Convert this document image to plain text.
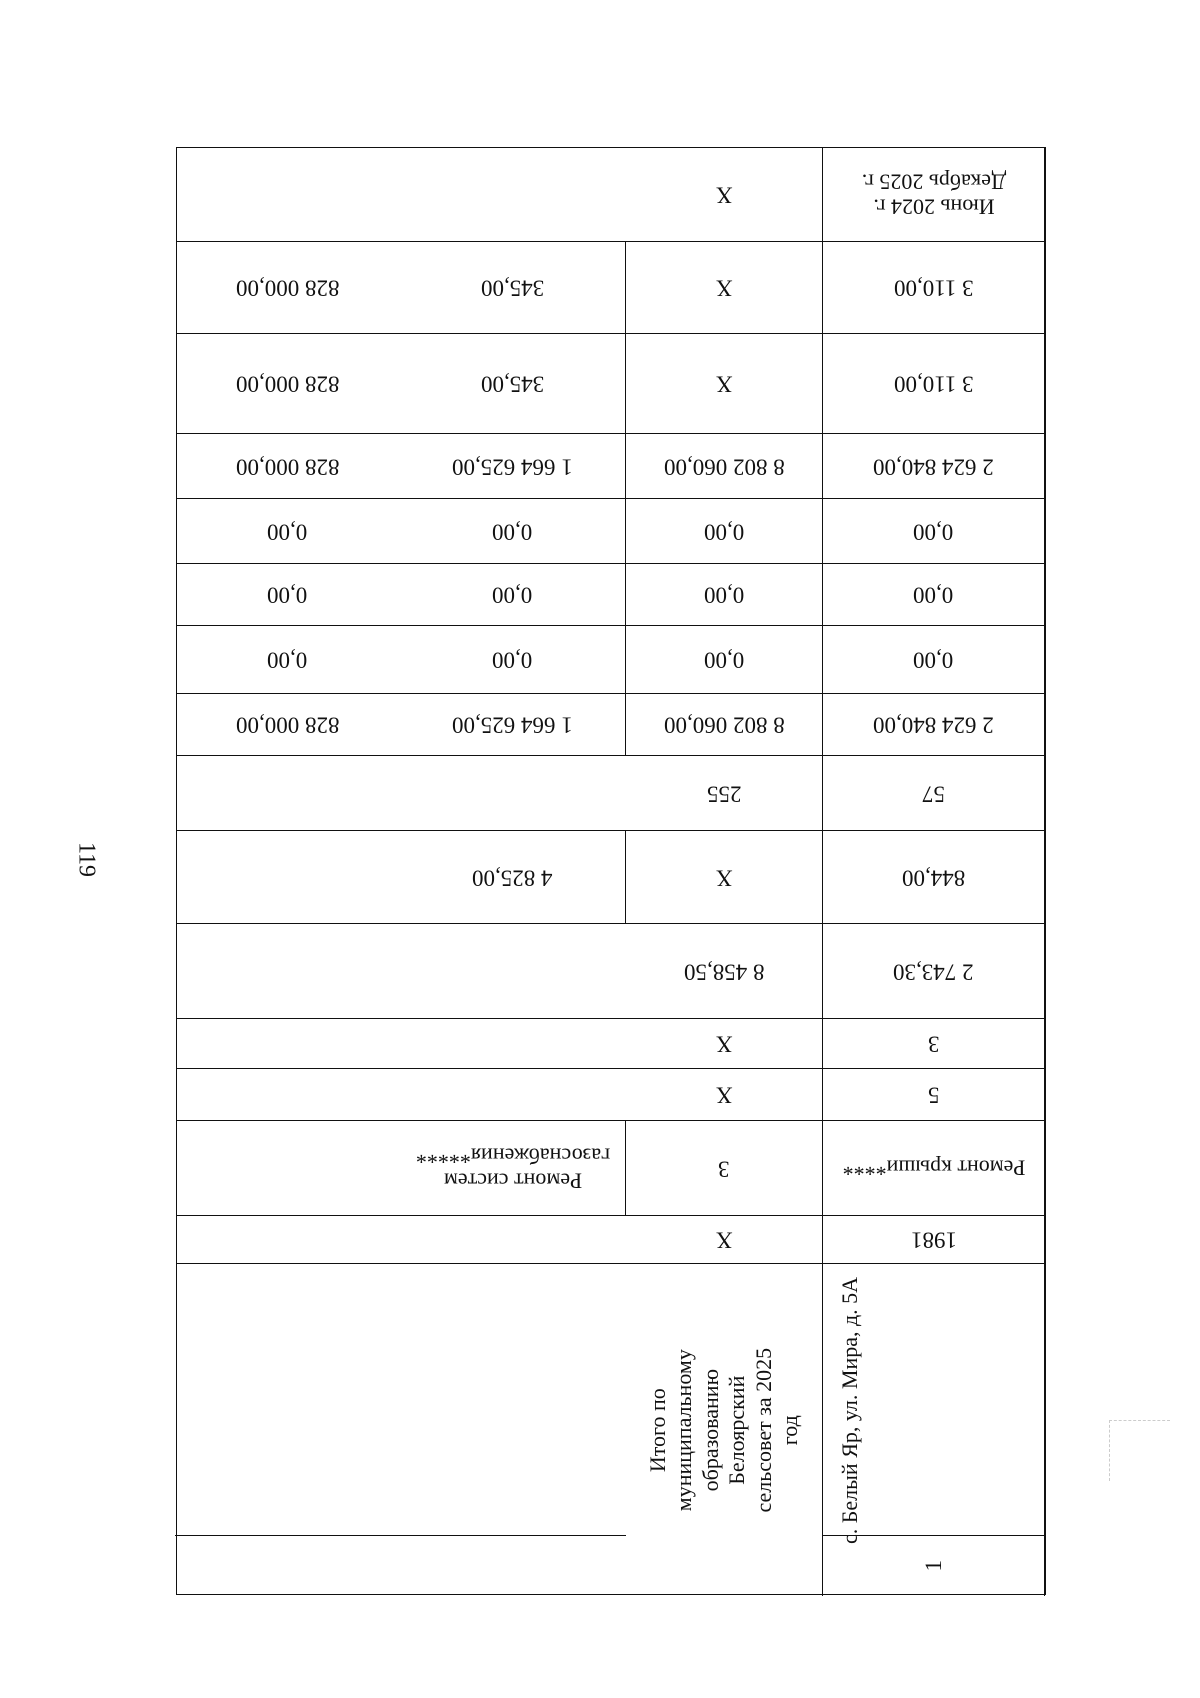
119
Июнь 2024 г. Декабрь 2025 г.
Х
3 110,00
Х
345,00
828 000,00
3 110,00
Х
345,00
828 000,00
2 624 840,00
8 802 060,00
1 664 625,00
828 000,00
0,00
0,00
0,00
0,00
0,00
0,00
0,00
0,00
0,00
0,00
0,00
0,00
2 624 840,00
8 802 060,00
1 664 625,00
828 000,00
57
255
844,00
Х
4 825,00
2 743,30
8 458,50
3
Х
5
Х
Ремонт крыши****
3
Ремонт систем газоснабжения*****
1981
Х
с. Белый Яр, ул. Мира, д. 5А
1
Итого по муниципальному образованию Белоярский сельсовет за 2025 год
